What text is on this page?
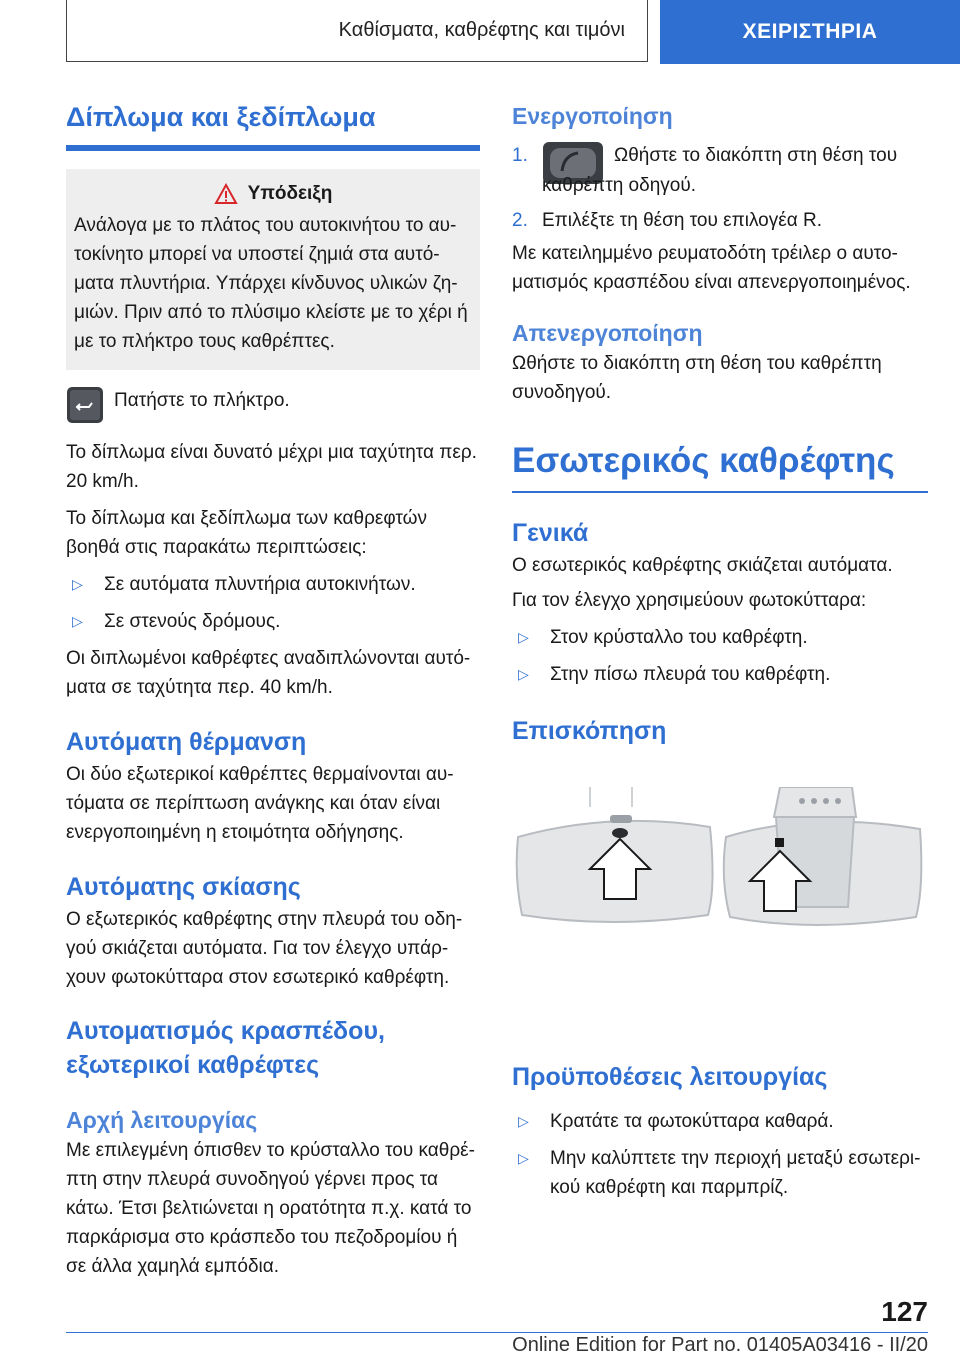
Καθίσματα, καθρέφτης και τιμόνι	ΧΕΙΡΙΣΤΗΡΙΑ
Δίπλωμα και ξεδίπλωμα
Υπόδειξη

Ανάλογα με το πλάτος του αυτοκινήτου το αυ-

τοκίνητο μπορεί να υποστεί ζημιά στα αυτό-

ματα πλυντήρια. Υπάρχει κίνδυνος υλικών ζη-

μιών. Πριν από το πλύσιμο κλείστε με το χέρι ή

με το πλήκτρο τους καθρέπτες.

Πατήστε το πλήκτρο.

Το δίπλωμα είναι δυνατό μέχρι μια ταχύτητα περ.

20 km/h.

Το δίπλωμα και ξεδίπλωμα των καθρεφτών

βοηθά στις παρακάτω περιπτώσεις:

▷	Σε αυτόματα πλυντήρια αυτοκινήτων.
▷	Σε στενούς δρόμους.

Οι διπλωμένοι καθρέφτες αναδιπλώνονται αυτό-

ματα σε ταχύτητα περ. 40 km/h.

Αυτόματη θέρμανση

Οι δύο εξωτερικοί καθρέπτες θερμαίνονται αυ-

τόματα σε περίπτωση ανάγκης και όταν είναι

ενεργοποιημένη η ετοιμότητα οδήγησης.

Αυτόματης σκίασης

Ο εξωτερικός καθρέφτης στην πλευρά του οδη-

γού σκιάζεται αυτόματα. Για τον έλεγχο υπάρ-

χουν φωτοκύτταρα στον εσωτερικό καθρέφτη.

Αυτοματισμός κρασπέδου,
εξωτερικοί καθρέφτες
Αρχή λειτουργίας

Με επιλεγμένη όπισθεν το κρύσταλλο του καθρέ-

πτη στην πλευρά συνοδηγού γέρνει προς τα

κάτω. Έτσι βελτιώνεται η ορατότητα π.χ. κατά το

παρκάρισμα στο κράσπεδο του πεζοδρομίου ή

σε άλλα χαμηλά εμπόδια.

Ενεργοποίηση
1.	Ωθήστε το διακόπτη στη θέση του
καθρέπτη οδηγού.
2. Επιλέξτε τη θέση του επιλογέα R.

Με κατειλημμένο ρευματοδότη τρέιλερ ο αυτο-

ματισμός κρασπέδου είναι απενεργοποιημένος.

Απενεργοποίηση

Ωθήστε το διακόπτη στη θέση του καθρέπτη

συνοδηγού.

Εσωτερικός καθρέφτης
Γενικά

Ο εσωτερικός καθρέφτης σκιάζεται αυτόματα.

Για τον έλεγχο χρησιμεύουν φωτοκύτταρα:

▷	Στον κρύσταλλο του καθρέφτη.
▷	Στην πίσω πλευρά του καθρέφτη.
Επισκόπηση
Προϋποθέσεις λειτουργίας
▷	Κρατάτε τα φωτοκύτταρα καθαρά.
▷	Μην καλύπτετε την περιοχή μεταξύ εσωτερι-
κού καθρέφτη και παρμπρίζ.
127
Online Edition for Part no. 01405A03416 - II/20
